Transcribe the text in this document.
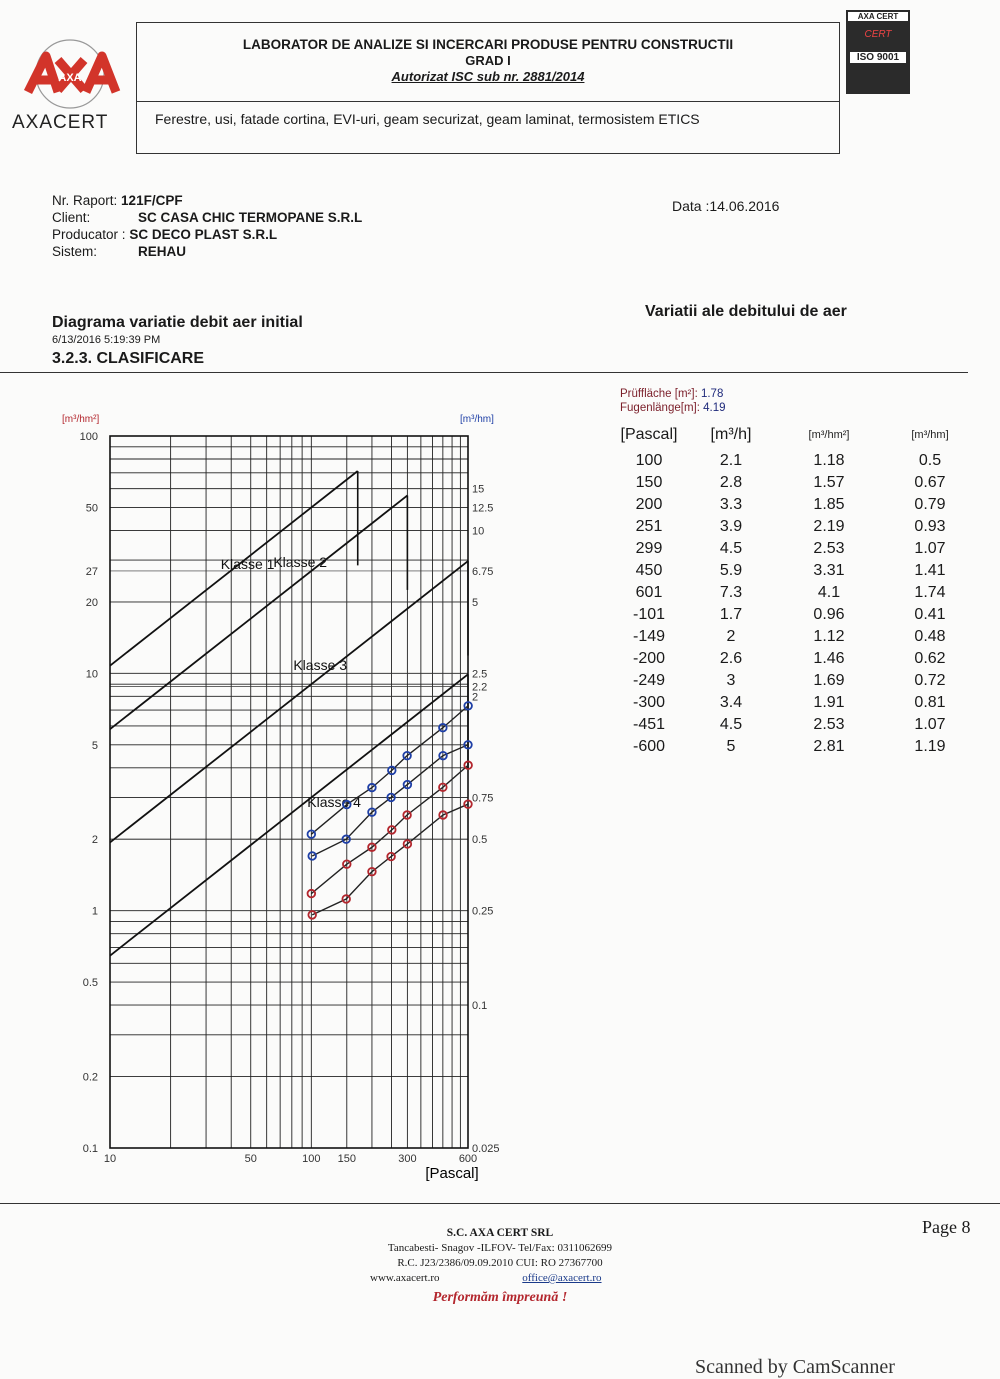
AXA
AXACERT
LABORATOR DE ANALIZE SI INCERCARI PRODUSE PENTRU CONSTRUCTII
GRAD I
Autorizat ISC sub nr. 2881/2014
Ferestre, usi, fatade cortina, EVI-uri, geam securizat, geam laminat, termosistem ETICS
AXA CERT
CERT
ISO 9001
Nr. Raport: 121F/CPF
Client:	SC CASA CHIC TERMOPANE S.R.L
Producator : SC DECO PLAST S.R.L
Sistem:	REHAU
Data :14.06.2016
Diagrama variatie debit aer initial
6/13/2016 5:19:39 PM
3.2.3. CLASIFICARE
Variatii ale debitului de aer
Klasse 1
Klasse 2
Klasse 3
Klasse 4
0.1
0.2
0.5
1
2
5
10
20
27
50
100
0.025
0.1
0.25
0.5
0.75
2
2.2
2.5
5
6.75
10
12.5
15
10	50	100 150	300	600
[m³/hm²]	[m³/hm]
[Pascal]
Prüffläche [m²]: 1.78
Fugenlänge[m]: 4.19
[Pascal]	[m³/h]	[m³/hm²]	[m³/hm]
100	2.1	1.18	0.5
150	2.8	1.57	0.67
200	3.3	1.85	0.79
251	3.9	2.19	0.93
299	4.5	2.53	1.07
450	5.9	3.31	1.41
601	7.3	4.1	1.74
-101	1.7	0.96	0.41
-149	2	1.12	0.48
-200	2.6	1.46	0.62
-249	3	1.69	0.72
-300	3.4	1.91	0.81
-451	4.5	2.53	1.07
-600	5	2.81	1.19
S.C. AXA CERT SRL
Tancabesti- Snagov -ILFOV- Tel/Fax: 0311062699
R.C. J23/2386/09.09.2010 CUI: RO 27367700
www.axacert.ro	office@axacert.ro
Performăm împreună !
Page 8
Scanned by CamScanner
